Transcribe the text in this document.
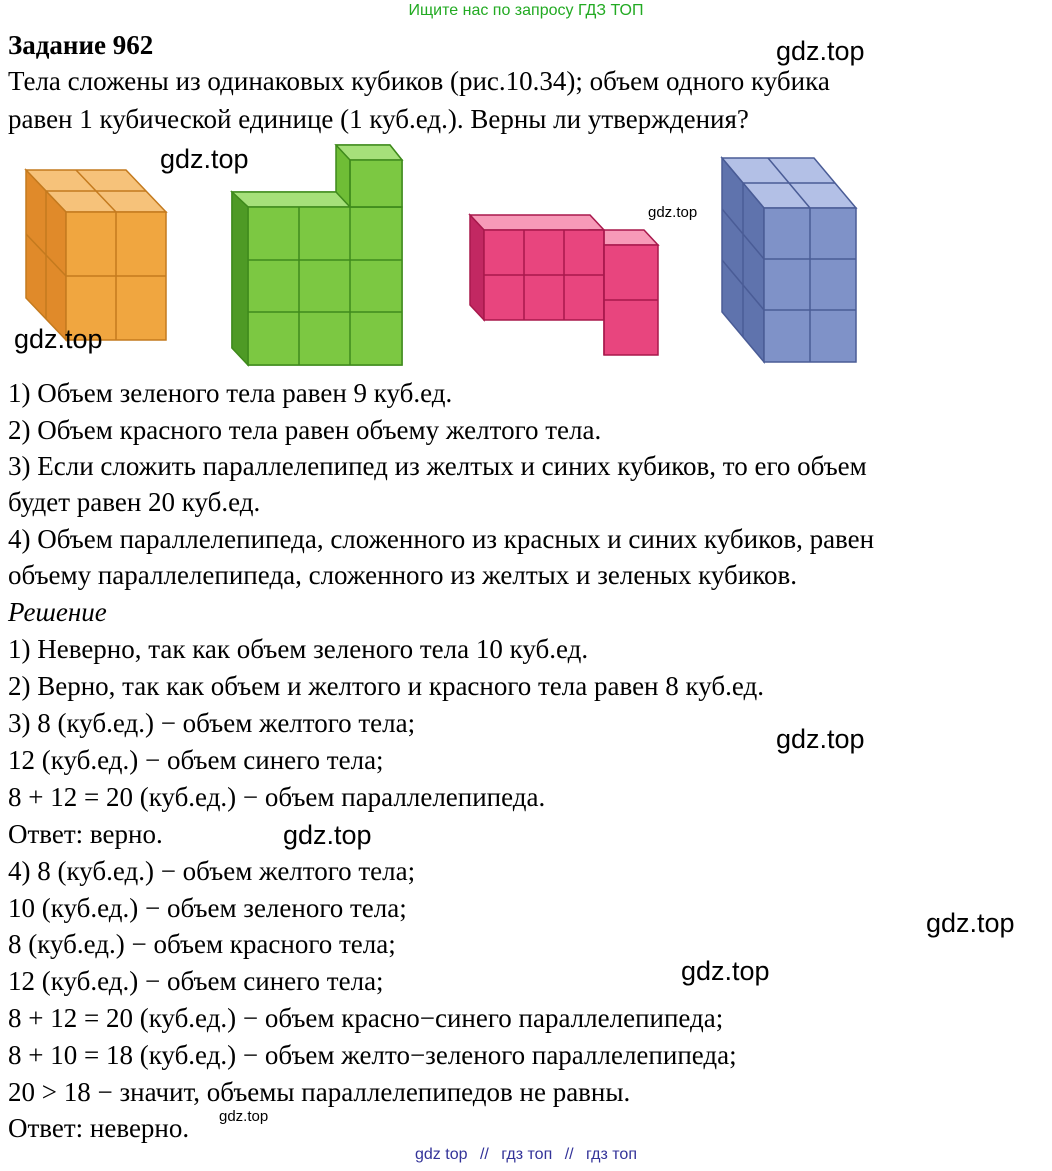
Ищите нас по запросу ГДЗ ТОП
Задание 962
Тела сложены из одинаковых кубиков (рис.10.34); объем одного кубика
равен 1 кубической единице (1 куб.ед.). Верны ли утверждения?
1) Объем зеленого тела равен 9 куб.ед.
2) Объем красного тела равен объему желтого тела.
3) Если сложить параллелепипед из желтых и синих кубиков, то его объем
будет равен 20 куб.ед.
4) Объем параллелепипеда, сложенного из красных и синих кубиков, равен
объему параллелепипеда, сложенного из желтых и зеленых кубиков.
Решение
1) Неверно, так как объем зеленого тела 10 куб.ед.
2) Верно, так как объем и желтого и красного тела равен 8 куб.ед.
3) 8 (куб.ед.) − объем желтого тела;
12 (куб.ед.) − объем синего тела;
8 + 12 = 20 (куб.ед.) − объем параллелепипеда.
Ответ: верно.
4) 8 (куб.ед.) − объем желтого тела;
10 (куб.ед.) − объем зеленого тела;
8 (куб.ед.) − объем красного тела;
12 (куб.ед.) − объем синего тела;
8 + 12 = 20 (куб.ед.) − объем красно−синего параллелепипеда;
8 + 10 = 18 (куб.ед.) − объем желто−зеленого параллелепипеда;
20 > 18 − значит, объемы параллелепипедов не равны.
Ответ: неверно.
gdz.top
gdz.top
gdz.top
gdz.top
gdz.top
gdz.top
gdz.top
gdz.top
gdz.top
gdz top // гдз топ // гдз топ
